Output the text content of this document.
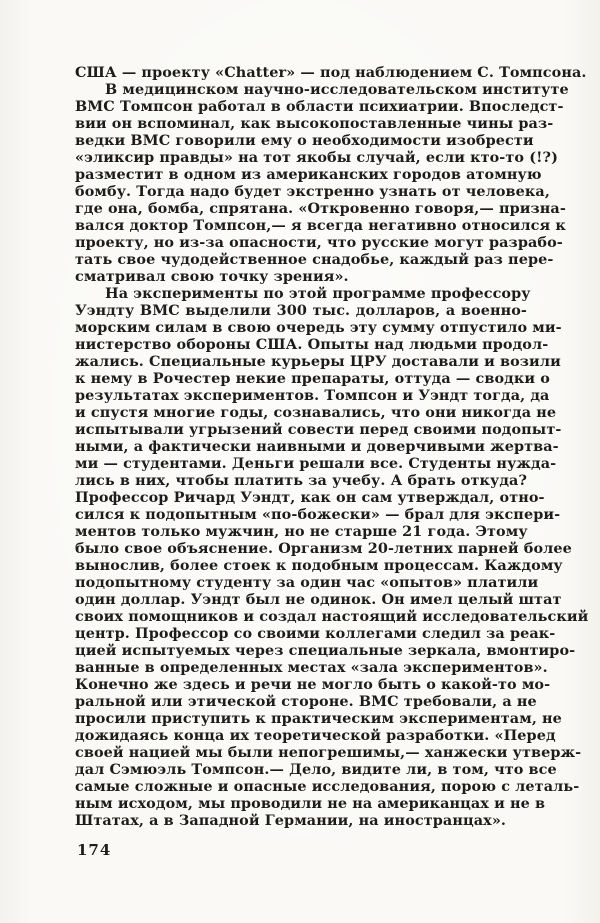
США — проекту «Chatter» — под наблюдением С. Томпсона.
В медицинском научно-исследовательском институте
ВМС Томпсон работал в области психиатрии. Впоследст-
вии он вспоминал, как высокопоставленные чины раз-
ведки ВМС говорили ему о необходимости изобрести
«эликсир правды» на тот якобы случай, если кто-то (!?)
разместит в одном из американских городов атомную
бомбу. Тогда надо будет экстренно узнать от человека,
где она, бомба, спрятана. «Откровенно говоря,— призна-
вался доктор Томпсон,— я всегда негативно относился к
проекту, но из-за опасности, что русские могут разрабо-
тать свое чудодейственное снадобье, каждый раз пере-
сматривал свою точку зрения».
На эксперименты по этой программе профессору
Уэндту ВМС выделили 300 тыс. долларов, а военно-
морским силам в свою очередь эту сумму отпустило ми-
нистерство обороны США. Опыты над людьми продол-
жались. Специальные курьеры ЦРУ доставали и возили
к нему в Рочестер некие препараты, оттуда — сводки о
результатах экспериментов. Томпсон и Уэндт тогда, да
и спустя многие годы, сознавались, что они никогда не
испытывали угрызений совести перед своими подопыт-
ными, а фактически наивными и доверчивыми жертва-
ми — студентами. Деньги решали все. Студенты нужда-
лись в них, чтобы платить за учебу. А брать откуда?
Профессор Ричард Уэндт, как он сам утверждал, отно-
сился к подопытным «по-божески» — брал для экспери-
ментов только мужчин, но не старше 21 года. Этому
было свое объяснение. Организм 20-летних парней более
вынослив, более стоек к подобным процессам. Каждому
подопытному студенту за один час «опытов» платили
один доллар. Уэндт был не одинок. Он имел целый штат
своих помощников и создал настоящий исследовательский
центр. Профессор со своими коллегами следил за реак-
цией испытуемых через специальные зеркала, вмонтиро-
ванные в определенных местах «зала экспериментов».
Конечно же здесь и речи не могло быть о какой-то мо-
ральной или этической стороне. ВМС требовали, а не
просили приступить к практическим экспериментам, не
дожидаясь конца их теоретической разработки. «Перед
своей нацией мы были непогрешимы,— ханжески утверж-
дал Сэмюэль Томпсон.— Дело, видите ли, в том, что все
самые сложные и опасные исследования, порою с леталь-
ным исходом, мы проводили не на американцах и не в
Штатах, а в Западной Германии, на иностранцах».
174
